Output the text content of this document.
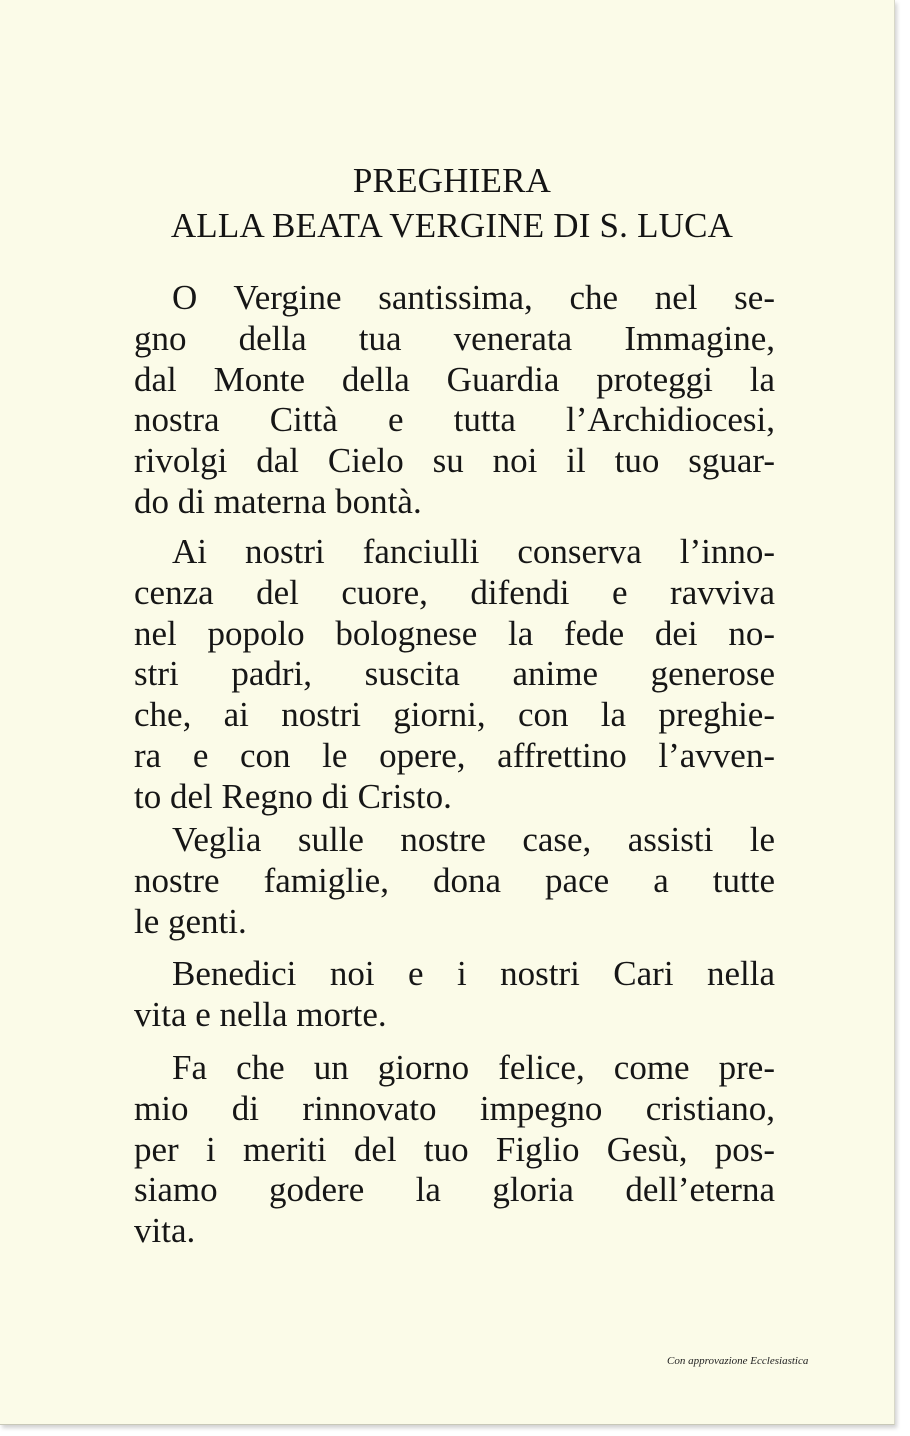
PREGHIERA
ALLA BEATA VERGINE DI S. LUCA
O Vergine santissima, che nel se-
gno della tua venerata Immagine,
dal Monte della Guardia proteggi la
nostra Città e tutta l’Archidiocesi,
rivolgi dal Cielo su noi il tuo sguar-
do di materna bontà.
Ai nostri fanciulli conserva l’inno-
cenza del cuore, difendi e ravviva
nel popolo bolognese la fede dei no-
stri padri, suscita anime generose
che, ai nostri giorni, con la preghie-
ra e con le opere, affrettino l’avven-
to del Regno di Cristo.
Veglia sulle nostre case, assisti le
nostre famiglie, dona pace a tutte
le genti.
Benedici noi e i nostri Cari nella
vita e nella morte.
Fa che un giorno felice, come pre-
mio di rinnovato impegno cristiano,
per i meriti del tuo Figlio Gesù, pos-
siamo godere la gloria dell’eterna
vita.
Con approvazione Ecclesiastica
